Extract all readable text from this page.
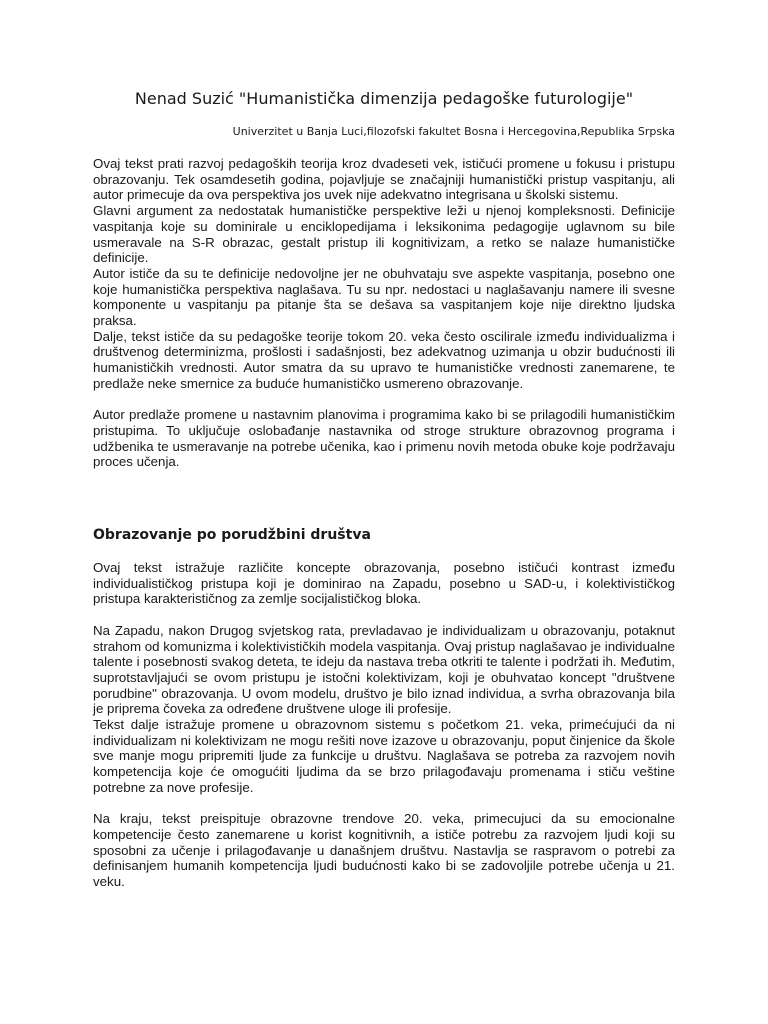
Nenad Suzić "Humanistička dimenzija pedagoške futurologije"
Univerzitet u Banja Luci,filozofski fakultet Bosna i Hercegovina,Republika Srpska

Ovaj tekst prati razvoj pedagoških teorija kroz dvadeseti vek, ističući promene u fokusu i pristupu obrazovanju. Tek osamdesetih godina, pojavljuje se značajniji humanistički pristup vaspitanju, ali autor primecuje da ova perspektiva jos uvek nije adekvatno integrisana u školski sistemu.

Glavni argument za nedostatak humanističke perspektive leži u njenoj kompleksnosti. Definicije vaspitanja koje su dominirale u enciklopedijama i leksikonima pedagogije uglavnom su bile usmeravale na S-R obrazac, gestalt pristup ili kognitivizam, a retko se nalaze humanističke definicije.

Autor ističe da su te definicije nedovoljne jer ne obuhvataju sve aspekte vaspitanja, posebno one koje humanistička perspektiva naglašava. Tu su npr. nedostaci u naglašavanju namere ili svesne komponente u vaspitanju pa pitanje šta se dešava sa vaspitanjem koje nije direktno ljudska praksa.

Dalje, tekst ističe da su pedagoške teorije tokom 20. veka često oscilirale između individualizma i društvenog determinizma, prošlosti i sadašnjosti, bez adekvatnog uzimanja u obzir budućnosti ili humanističkih vrednosti. Autor smatra da su upravo te humanističke vrednosti zanemarene, te predlaže neke smernice za buduće humanističko usmereno obrazovanje.

Autor predlaže promene u nastavnim planovima i programima kako bi se prilagodili humanističkim pristupima. To uključuje oslobađanje nastavnika od stroge strukture obrazovnog programa i udžbenika te usmeravanje na potrebe učenika, kao i primenu novih metoda obuke koje podržavaju proces učenja.

Obrazovanje po porudžbini društva

Ovaj tekst istražuje različite koncepte obrazovanja, posebno ističući kontrast između individualističkog pristupa koji je dominirao na Zapadu, posebno u SAD-u, i kolektivističkog pristupa karakterističnog za zemlje socijalističkog bloka.

Na Zapadu, nakon Drugog svjetskog rata, prevladavao je individualizam u obrazovanju, potaknut strahom od komunizma i kolektivističkih modela vaspitanja. Ovaj pristup naglašavao je individualne talente i posebnosti svakog deteta, te ideju da nastava treba otkriti te talente i podržati ih. Međutim, suprotstavljajući se ovom pristupu je istočni kolektivizam, koji je obuhvatao koncept "društvene porudbine" obrazovanja. U ovom modelu, društvo je bilo iznad individua, a svrha obrazovanja bila je priprema čoveka za određene društvene uloge ili profesije.

Tekst dalje istražuje promene u obrazovnom sistemu s početkom 21. veka, primećujući da ni individualizam ni kolektivizam ne mogu rešiti nove izazove u obrazovanju, poput činjenice da škole sve manje mogu pripremiti ljude za funkcije u društvu. Naglašava se potreba za razvojem novih kompetencija koje će omogućiti ljudima da se brzo prilagođavaju promenama i stiču veštine potrebne za nove profesije.

Na kraju, tekst preispituje obrazovne trendove 20. veka, primecujuci da su emocionalne kompetencije često zanemarene u korist kognitivnih, a ističe potrebu za razvojem ljudi koji su sposobni za učenje i prilagođavanje u današnjem društvu. Nastavlja se raspravom o potrebi za definisanjem humanih kompetencija ljudi budućnosti kako bi se zadovoljile potrebe učenja u 21. veku.
